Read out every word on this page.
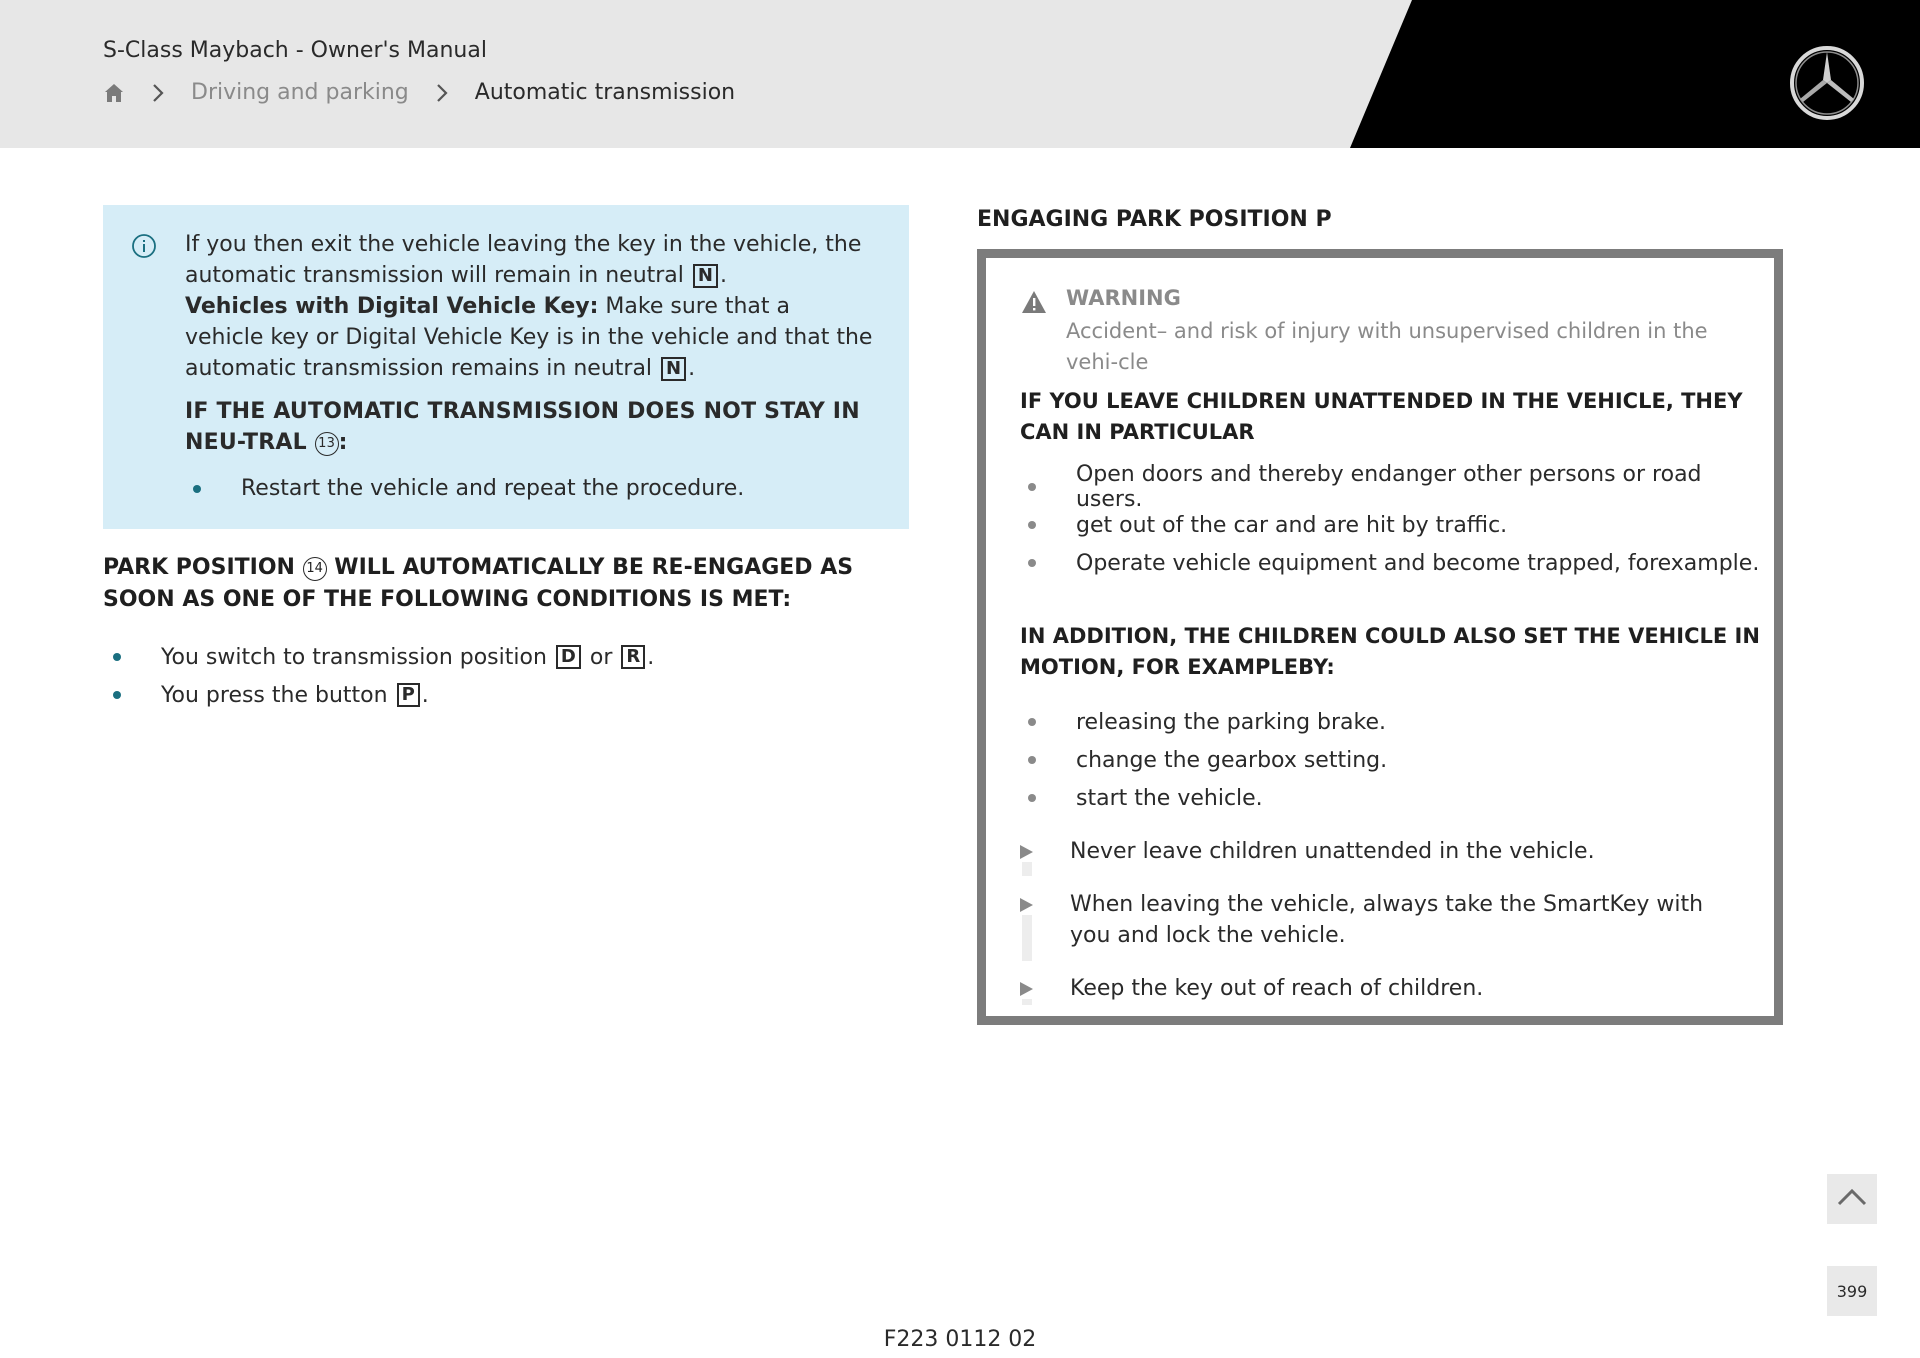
S-Class Maybach - Owner's Manual
Driving and parking	Automatic transmission
If you then exit the vehicle leaving the key in the vehicle, the automatic transmission will remain in neutral N .
Vehicles with Digital Vehicle Key: Make sure that a vehicle key or Digital Vehicle Key is in the vehicle and that the automatic transmission remains in neutral N .
IF THE AUTOMATIC TRANSMISSION DOES NOT STAY IN NEU-TRAL 13 :
Restart the vehicle and repeat the procedure.
PARK POSITION 14 WILL AUTOMATICALLY BE RE-ENGAGED AS SOON AS ONE OF THE FOLLOWING CONDITIONS IS MET:
You switch to transmission position
D
or
R .
You press the button
P .
ENGAGING PARK POSITION P
WARNING
Accident– and risk of injury with unsupervised children in the vehi-cle
IF YOU LEAVE CHILDREN UNATTENDED IN THE VEHICLE, THEY CAN IN PARTICULAR
Open doors and thereby endanger other persons or road users.
get out of the car and are hit by traffic.
Operate vehicle equipment and become trapped, forexample.
IN ADDITION, THE CHILDREN COULD ALSO SET THE VEHICLE IN MOTION, FOR EXAMPLEBY:
releasing the parking brake.
change the gearbox setting.
start the vehicle.
Never leave children unattended in the vehicle.
When leaving the vehicle, always take the SmartKey with you and lock the vehicle.
Keep the key out of reach of children.
399
F223 0112 02
